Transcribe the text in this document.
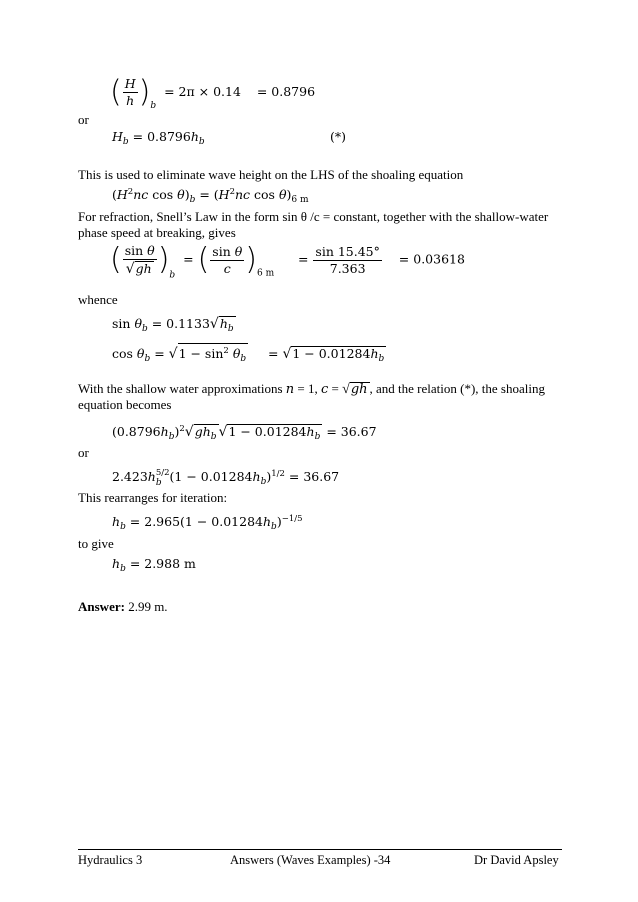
( $\frac{H}{h} )_b = 2\pi \times 0.14 = 0.8796$
or
$H_b = 0.8796h_b$	(*)
This is used to eliminate wave height on the LHS of the shoaling equation
($H^2nc$ $\cos \theta)_b = (H^2nc$ $\cos \theta)_{6 m}$
For refraction, Snell’s Law in the form sin θ /c = constant, together with the shallow-water
phase speed at breaking, gives
( $\frac{\text{sin θ}}{√gh} )_b$  = ( $\frac{\text{sin θ}}{c} )_{6 m}$      = $\frac{\sin 15.45^\circ}{7.363} = 0.03618$
whence
$\sin \theta_b = 0.1133√h_b$
$\cos \theta_b = √1 - \sin^2 \theta_b$     = $√1 - 0.01284h_b$
With the shallow water approximations n = 1, c = √gh , and the relation (*), the shoaling
equation becomes
$(0.8796h_b)^2√gh_b$ $√1 - 0.01284h_b = 36.67$
or
2.423h 5/2
b $(1 - 0.01284h_b)^{1/2} = 36.67$
This rearranges for iteration:
$h_b = 2.965(1 - 0.01284h_b)^{-1/5}$
to give
$h_b = 2.988$ m
Answer: 2.99 m.
Hydraulics 3	Answers (Waves Examples) -34	Dr David Apsley
